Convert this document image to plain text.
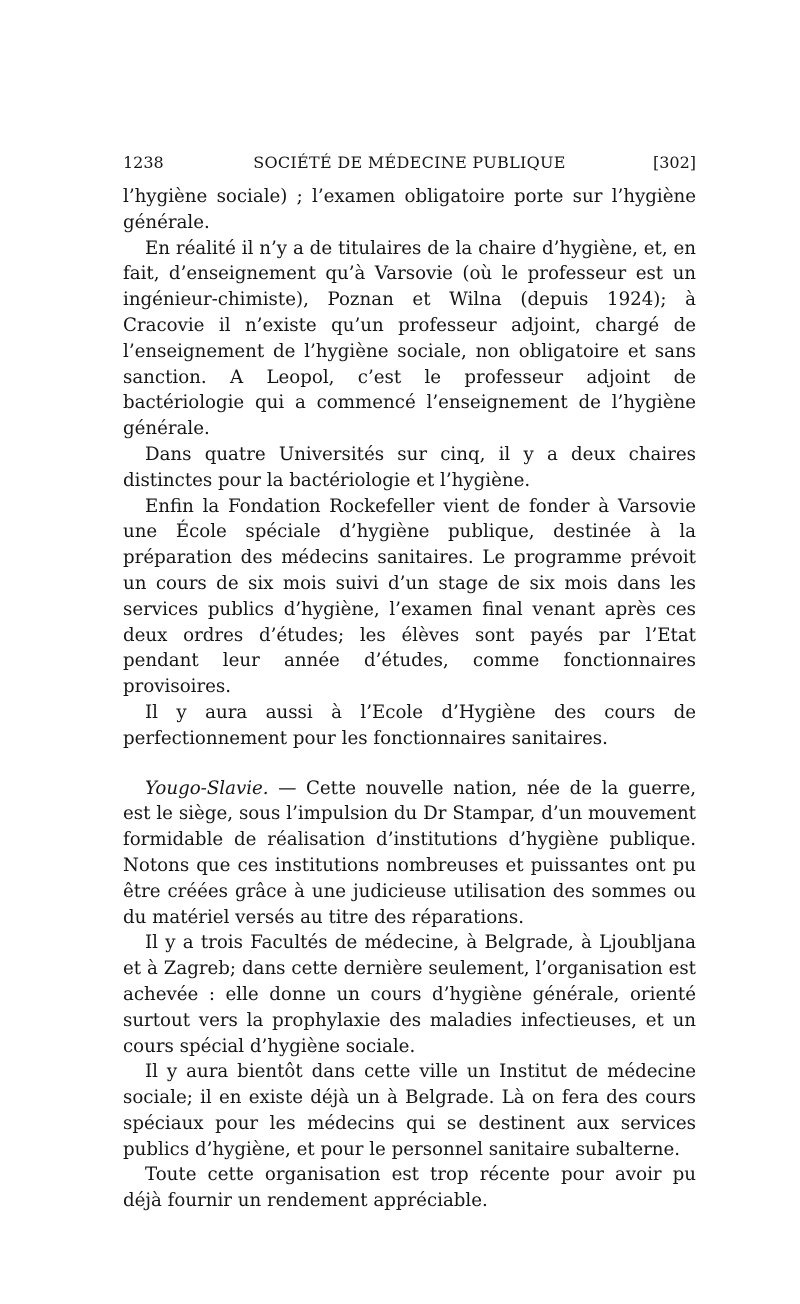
1238	SOCIÉTÉ DE MÉDECINE PUBLIQUE	[302]

l’hygiène sociale) ; l’examen obligatoire porte sur l’hygiène générale.

En réalité il n’y a de titulaires de la chaire d’hygiène, et, en fait, d’enseignement qu’à Varsovie (où le professeur est un ingénieur-chimiste), Poznan et Wilna (depuis 1924); à Cracovie il n’existe qu’un professeur adjoint, chargé de l’enseignement de l’hygiène sociale, non obligatoire et sans sanction. A Leopol, c’est le professeur adjoint de bactériologie qui a commencé l’enseignement de l’hygiène générale.

Dans quatre Universités sur cinq, il y a deux chaires distinctes pour la bactériologie et l’hygiène.

Enfin la Fondation Rockefeller vient de fonder à Varsovie une École spéciale d’hygiène publique, destinée à la préparation des médecins sanitaires. Le programme prévoit un cours de six mois suivi d’un stage de six mois dans les services publics d’hygiène, l’examen final venant après ces deux ordres d’études; les élèves sont payés par l’Etat pendant leur année d’études, comme fonctionnaires provisoires.

Il y aura aussi à l’Ecole d’Hygiène des cours de perfectionnement pour les fonctionnaires sanitaires.

Yougo-Slavie. — Cette nouvelle nation, née de la guerre, est le siège, sous l’impulsion du Dr Stampar, d’un mouvement formidable de réalisation d’institutions d’hygiène publique. Notons que ces institutions nombreuses et puissantes ont pu être créées grâce à une judicieuse utilisation des sommes ou du matériel versés au titre des réparations.

Il y a trois Facultés de médecine, à Belgrade, à Ljoubljana et à Zagreb; dans cette dernière seulement, l’organisation est achevée : elle donne un cours d’hygiène générale, orienté surtout vers la prophylaxie des maladies infectieuses, et un cours spécial d’hygiène sociale.

Il y aura bientôt dans cette ville un Institut de médecine sociale; il en existe déjà un à Belgrade. Là on fera des cours spéciaux pour les médecins qui se destinent aux services publics d’hygiène, et pour le personnel sanitaire subalterne.

Toute cette organisation est trop récente pour avoir pu déjà fournir un rendement appréciable.
